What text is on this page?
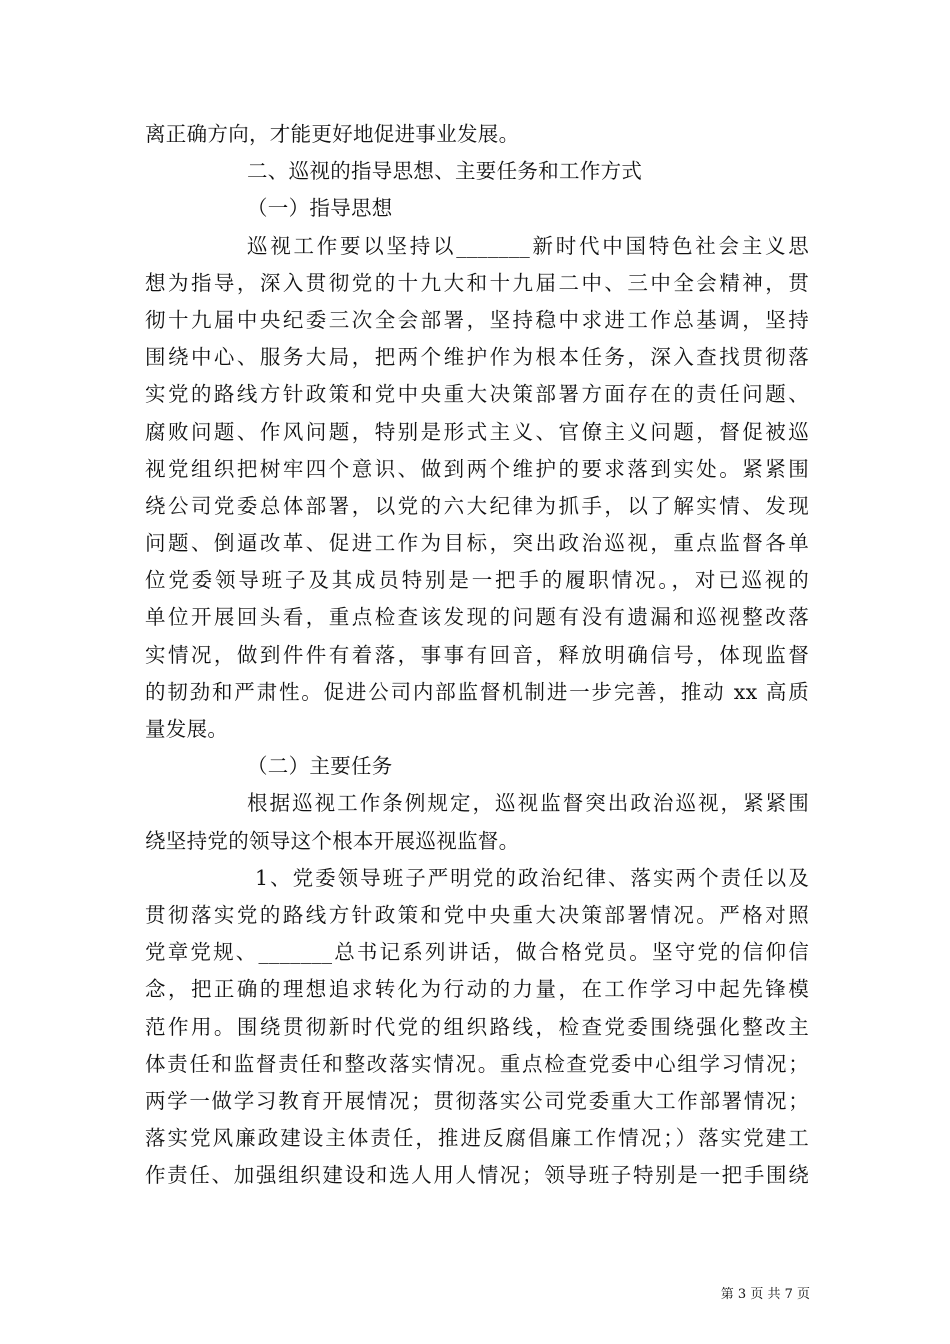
离正确方向，才能更好地促进事业发展。
二、巡视的指导思想、主要任务和工作方式
（一）指导思想
巡视工作要以坚持以_______新时代中国特色社会主义思
想为指导，深入贯彻党的十九大和十九届二中、三中全会精神，贯
彻十九届中央纪委三次全会部署，坚持稳中求进工作总基调，坚持
围绕中心、服务大局，把两个维护作为根本任务，深入查找贯彻落
实党的路线方针政策和党中央重大决策部署方面存在的责任问题、
腐败问题、作风问题，特别是形式主义、官僚主义问题，督促被巡
视党组织把树牢四个意识、做到两个维护的要求落到实处。紧紧围
绕公司党委总体部署，以党的六大纪律为抓手，以了解实情、发现
问题、倒逼改革、促进工作为目标，突出政治巡视，重点监督各单
位党委领导班子及其成员特别是一把手的履职情况。，对已巡视的
单位开展回头看，重点检查该发现的问题有没有遗漏和巡视整改落
实情况，做到件件有着落，事事有回音，释放明确信号，体现监督
的韧劲和严肃性。促进公司内部监督机制进一步完善，推动 xx 高质
量发展。
（二）主要任务
根据巡视工作条例规定，巡视监督突出政治巡视，紧紧围
绕坚持党的领导这个根本开展巡视监督。
1、党委领导班子严明党的政治纪律、落实两个责任以及
贯彻落实党的路线方针政策和党中央重大决策部署情况。严格对照
党章党规、_______总书记系列讲话，做合格党员。坚守党的信仰信
念，把正确的理想追求转化为行动的力量，在工作学习中起先锋模
范作用。围绕贯彻新时代党的组织路线，检查党委围绕强化整改主
体责任和监督责任和整改落实情况。重点检查党委中心组学习情况；
两学一做学习教育开展情况；贯彻落实公司党委重大工作部署情况；
落实党风廉政建设主体责任，推进反腐倡廉工作情况；）落实党建工
作责任、加强组织建设和选人用人情况；领导班子特别是一把手围绕
第 3 页 共 7 页
